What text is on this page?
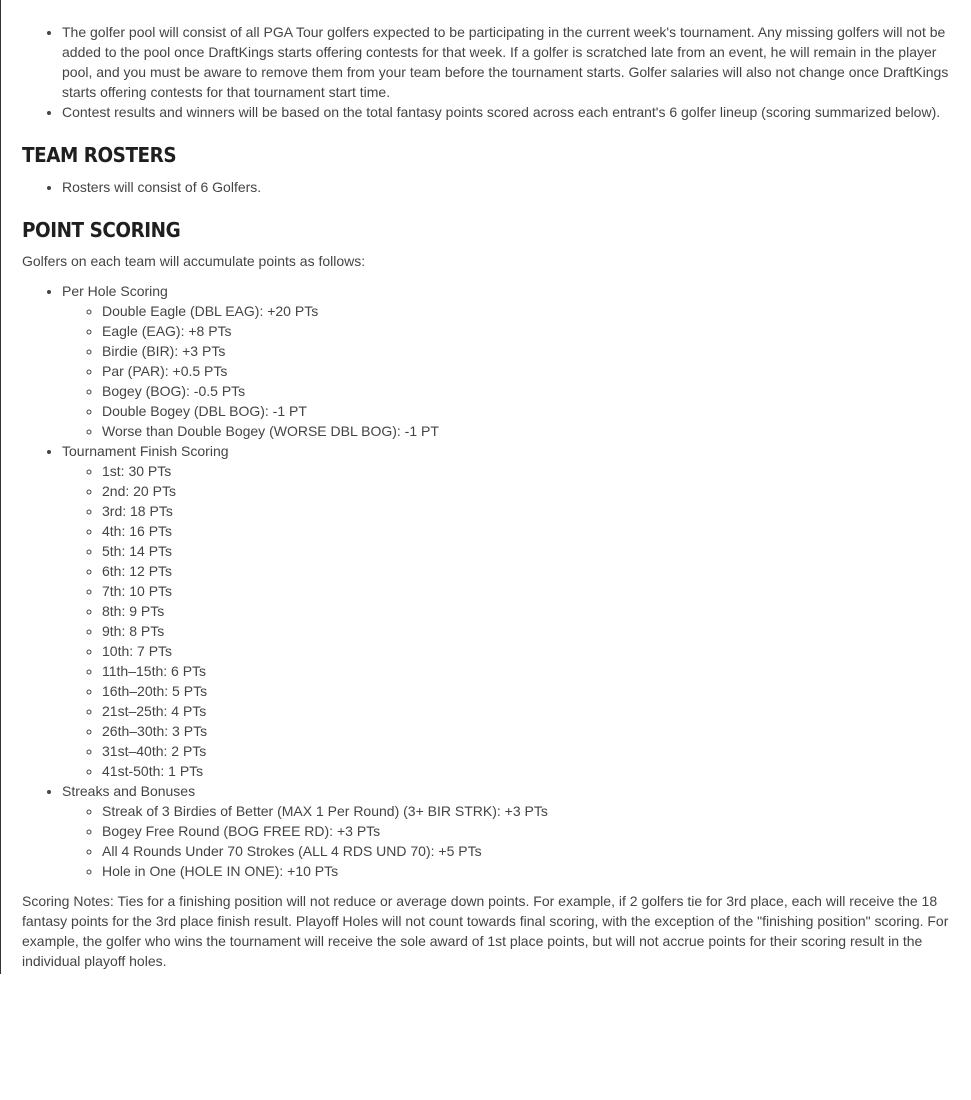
• The golfer pool will consist of all PGA Tour golfers expected to be participating in the current week's tournament. Any missing golfers will not be added to the pool once DraftKings starts offering contests for that week. If a golfer is scratched late from an event, he will remain in the player pool, and you must be aware to remove them from your team before the tournament starts. Golfer salaries will also not change once DraftKings starts offering contests for that tournament start time.
• Contest results and winners will be based on the total fantasy points scored across each entrant's 6 golfer lineup (scoring summarized below).
TEAM ROSTERS
• Rosters will consist of 6 Golfers.
POINT SCORING

Golfers on each team will accumulate points as follows:

• Per Hole Scoring
◦ Double Eagle (DBL EAG): +20 PTs
◦ Eagle (EAG): +8 PTs
◦ Birdie (BIR): +3 PTs
◦ Par (PAR): +0.5 PTs
◦ Bogey (BOG): -0.5 PTs
◦ Double Bogey (DBL BOG): -1 PT
◦ Worse than Double Bogey (WORSE DBL BOG): -1 PT
• Tournament Finish Scoring
◦ 1st: 30 PTs
◦ 2nd: 20 PTs
◦ 3rd: 18 PTs
◦ 4th: 16 PTs
◦ 5th: 14 PTs
◦ 6th: 12 PTs
◦ 7th: 10 PTs
◦ 8th: 9 PTs
◦ 9th: 8 PTs
◦ 10th: 7 PTs
◦ 11th–15th: 6 PTs
◦ 16th–20th: 5 PTs
◦ 21st–25th: 4 PTs
◦ 26th–30th: 3 PTs
◦ 31st–40th: 2 PTs
◦ 41st-50th: 1 PTs
• Streaks and Bonuses
◦ Streak of 3 Birdies of Better (MAX 1 Per Round) (3+ BIR STRK): +3 PTs
◦ Bogey Free Round (BOG FREE RD): +3 PTs
◦ All 4 Rounds Under 70 Strokes (ALL 4 RDS UND 70): +5 PTs
◦ Hole in One (HOLE IN ONE): +10 PTs

Scoring Notes: Ties for a finishing position will not reduce or average down points. For example, if 2 golfers tie for 3rd place, each will receive the 18 fantasy points for the 3rd place finish result. Playoff Holes will not count towards final scoring, with the exception of the "finishing position" scoring. For example, the golfer who wins the tournament will receive the sole award of 1st place points, but will not accrue points for their scoring result in the individual playoff holes.
